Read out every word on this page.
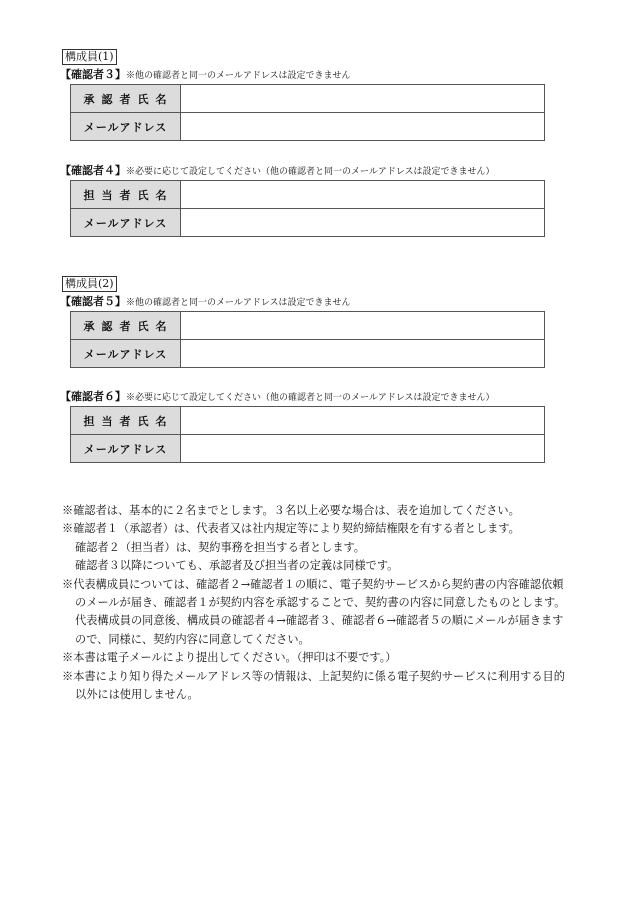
構成員(1)
【確認者３】※他の確認者と同一のメールアドレスは設定できません
承認者氏名	
メールアドレス	
【確認者４】※必要に応じて設定してください（他の確認者と同一のメールアドレスは設定できません）
担当者氏名	
メールアドレス	
構成員(2)
【確認者５】※他の確認者と同一のメールアドレスは設定できません
承認者氏名	
メールアドレス	
【確認者６】※必要に応じて設定してください（他の確認者と同一のメールアドレスは設定できません）
担当者氏名	
メールアドレス	

※確認者は、基本的に２名までとします。３名以上必要な場合は、表を追加してください。

※確認者１（承認者）は、代表者又は社内規定等により契約締結権限を有する者とします。

確認者２（担当者）は、契約事務を担当する者とします。

確認者３以降についても、承認者及び担当者の定義は同様です。

※代表構成員については、確認者２→確認者１の順に、電子契約サービスから契約書の内容確認依頼のメールが届き、確認者１が契約内容を承認することで、契約書の内容に同意したものとします。

代表構成員の同意後、構成員の確認者４→確認者３、確認者６→確認者５の順にメールが届きますので、同様に、契約内容に同意してください。

※本書は電子メールにより提出してください。（押印は不要です。）

※本書により知り得たメールアドレス等の情報は、上記契約に係る電子契約サービスに利用する目的以外には使用しません。
